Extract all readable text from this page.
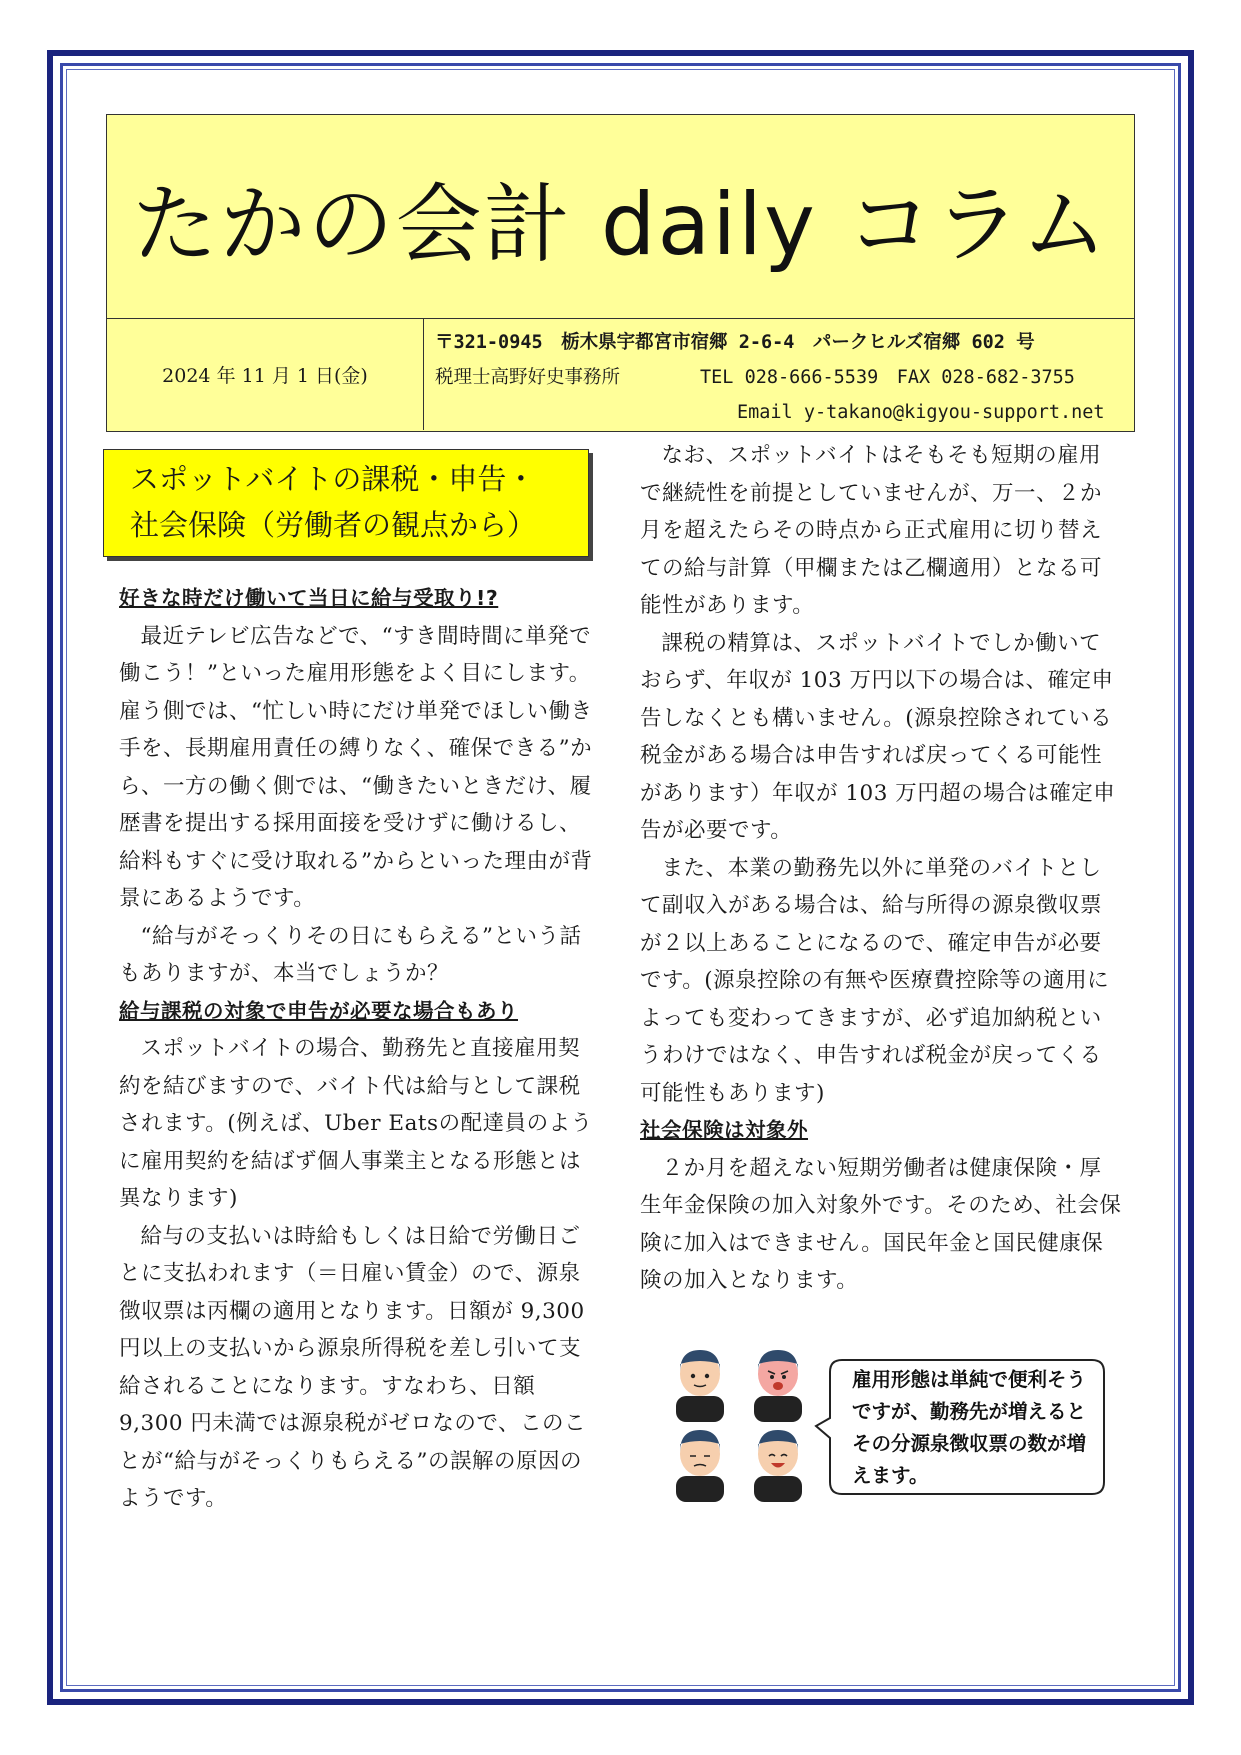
たかの会計 daily コラム
2024 年 11 月 1 日(金)
〒321-0945　栃木県宇都宮市宿郷 2-6-4　パークヒルズ宿郷 602 号
税理士高野好史事務所	TEL 028-666-5539　FAX 028-682-3755
Email y-takano@kigyou-support.net
スポットバイトの課税・申告・
社会保険（労働者の観点から）
好きな時だけ働いて当日に給与受取り!?

最近テレビ広告などで、“すき間時間に単発で働こう！”といった雇用形態をよく目にします。雇う側では、“忙しい時にだけ単発でほしい働き手を、長期雇用責任の縛りなく、確保できる”から、一方の働く側では、“働きたいときだけ、履歴書を提出する採用面接を受けずに働けるし、給料もすぐに受け取れる”からといった理由が背景にあるようです。

“給与がそっくりその日にもらえる”という話もありますが、本当でしょうか？

給与課税の対象で申告が必要な場合もあり

スポットバイトの場合、勤務先と直接雇用契約を結びますので、バイト代は給与として課税されます。(例えば、Uber Eatsの配達員のように雇用契約を結ばず個人事業主となる形態とは異なります)

給与の支払いは時給もしくは日給で労働日ごとに支払われます（＝日雇い賃金）ので、源泉徴収票は丙欄の適用となります。日額が 9,300 円以上の支払いから源泉所得税を差し引いて支給されることになります。すなわち、日額 9,300 円未満では源泉税がゼロなので、このことが“給与がそっくりもらえる”の誤解の原因のようです。

なお、スポットバイトはそもそも短期の雇用で継続性を前提としていませんが、万一、２か月を超えたらその時点から正式雇用に切り替えての給与計算（甲欄または乙欄適用）となる可能性があります。

課税の精算は、スポットバイトでしか働いておらず、年収が 103 万円以下の場合は、確定申告しなくとも構いません。(源泉控除されている税金がある場合は申告すれば戻ってくる可能性があります）年収が 103 万円超の場合は確定申告が必要です。

また、本業の勤務先以外に単発のバイトとして副収入がある場合は、給与所得の源泉徴収票が２以上あることになるので、確定申告が必要です。(源泉控除の有無や医療費控除等の適用によっても変わってきますが、必ず追加納税というわけではなく、申告すれば税金が戻ってくる可能性もあります)

社会保険は対象外

２か月を超えない短期労働者は健康保険・厚生年金保険の加入対象外です。そのため、社会保険に加入はできません。国民年金と国民健康保険の加入となります。

雇用形態は単純で便利そうですが、勤務先が増えるとその分源泉徴収票の数が増えます。
